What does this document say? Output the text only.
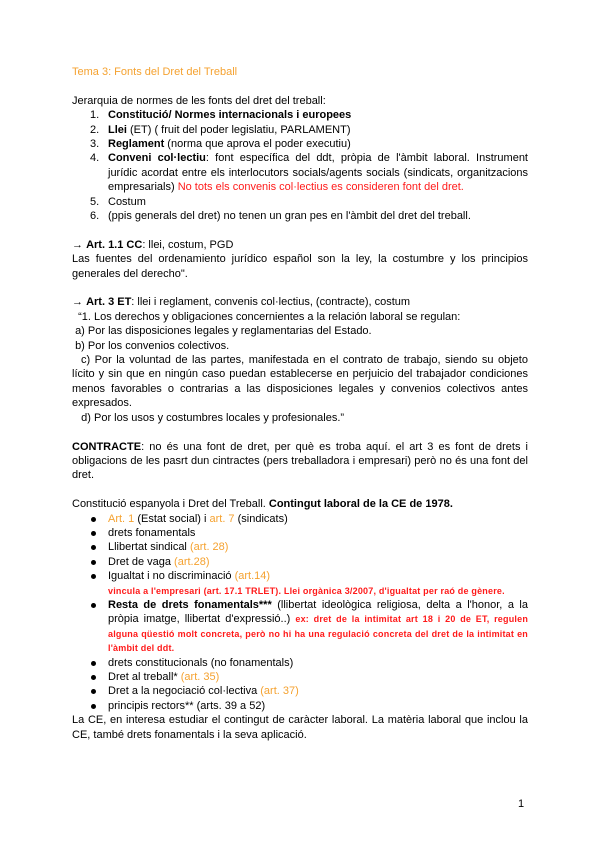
Tema 3: Fonts del Dret del Treball
Jerarquia de normes de les fonts del dret del treball:
1. Constitució/ Normes internacionals i europees
2. Llei (ET) ( fruit del poder legislatiu, PARLAMENT)
3. Reglament (norma que aprova el poder executiu)
4. Conveni col·lectiu: font específica del ddt, pròpia de l'àmbit laboral. Instrument jurídic acordat entre els interlocutors socials/agents socials (sindicats, organitzacions empresarials) No tots els convenis col·lectius es consideren font del dret.
5. Costum
6. (ppis generals del dret) no tenen un gran pes en l'àmbit del dret del treball.
→ Art. 1.1 CC: llei, costum, PGD
Las fuentes del ordenamiento jurídico español son la ley, la costumbre y los principios generales del derecho".
→ Art. 3 ET: llei i reglament, convenis col·lectius, (contracte), costum
“1. Los derechos y obligaciones concernientes a la relación laboral se regulan:
a) Por las disposiciones legales y reglamentarias del Estado.
b) Por los convenios colectivos.
c) Por la voluntad de las partes, manifestada en el contrato de trabajo, siendo su objeto lícito y sin que en ningún caso puedan establecerse en perjuicio del trabajador condiciones menos favorables o contrarias a las disposiciones legales y convenios colectivos antes expresados.
d) Por los usos y costumbres locales y profesionales.”
CONTRACTE: no és una font de dret, per què es troba aquí. el art 3 es font de drets i obligacions de les pasrt dun cintractes (pers treballadora i empresari) però no és una font del dret.
Constitució espanyola i Dret del Treball. Contingut laboral de la CE de 1978.
Art. 1 (Estat social) i art. 7 (sindicats)
drets fonamentals
Llibertat sindical (art. 28)
Dret de vaga (art.28)
Igualtat i no discriminació (art.14)
vincula a l'empresari (art. 17.1 TRLET). Llei orgànica 3/2007, d'igualtat per raó de gènere.
Resta de drets fonamentals*** (llibertat ideològica religiosa, delta a l'honor, a la pròpia imatge, llibertat d'expressió..) ex: dret de la intimitat art 18 i 20 de ET, regulen alguna qüestió molt concreta, però no hi ha una regulació concreta del dret de la intimitat en l'àmbit del ddt.
drets constitucionals (no fonamentals)
Dret al treball* (art. 35)
Dret a la negociació col·lectiva (art. 37)
principis rectors** (arts. 39 a 52)
La CE, en interesa estudiar el contingut de caràcter laboral. La matèria laboral que inclou la CE, també drets fonamentals i la seva aplicació.
1
